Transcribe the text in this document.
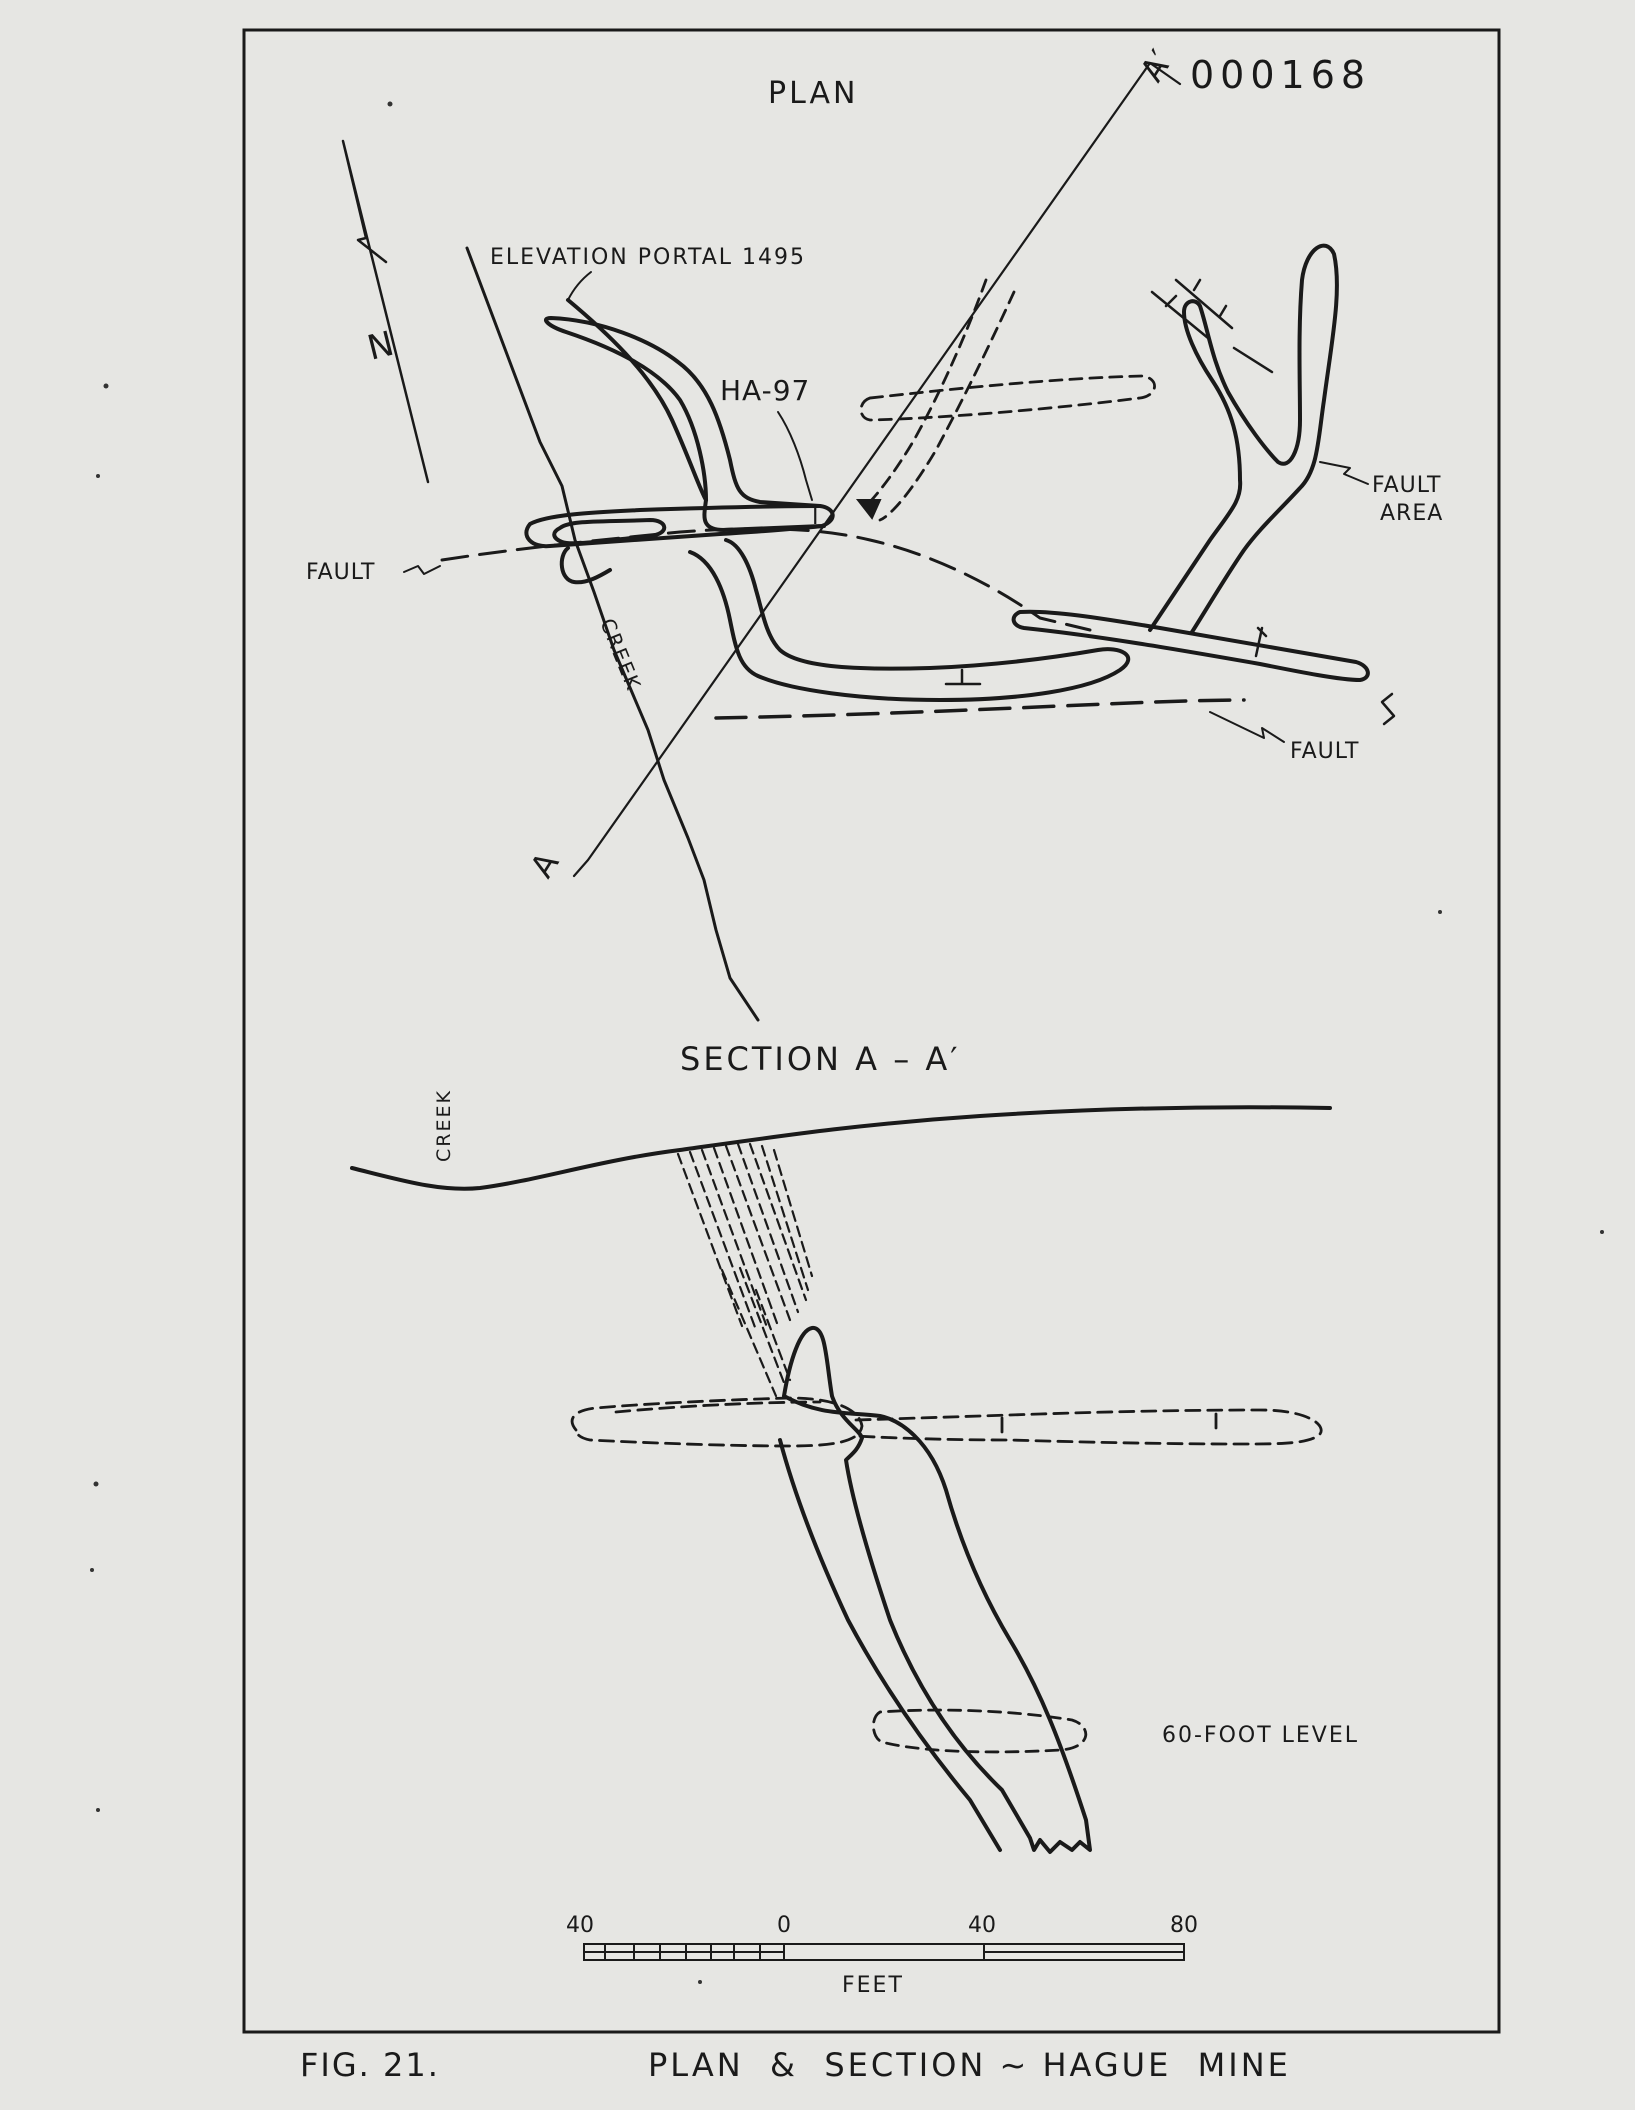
000168
PLAN
N
ELEVATION PORTAL 1495
CREEK
A′
A
FAULT
FAULT
FAULT
AREA
HA-97
I
SECTION A – A′
CREEK
60-FOOT LEVEL
40	0	40	80
FEET
FIG. 21.	PLAN  &  SECTION ~ HAGUE  MINE
